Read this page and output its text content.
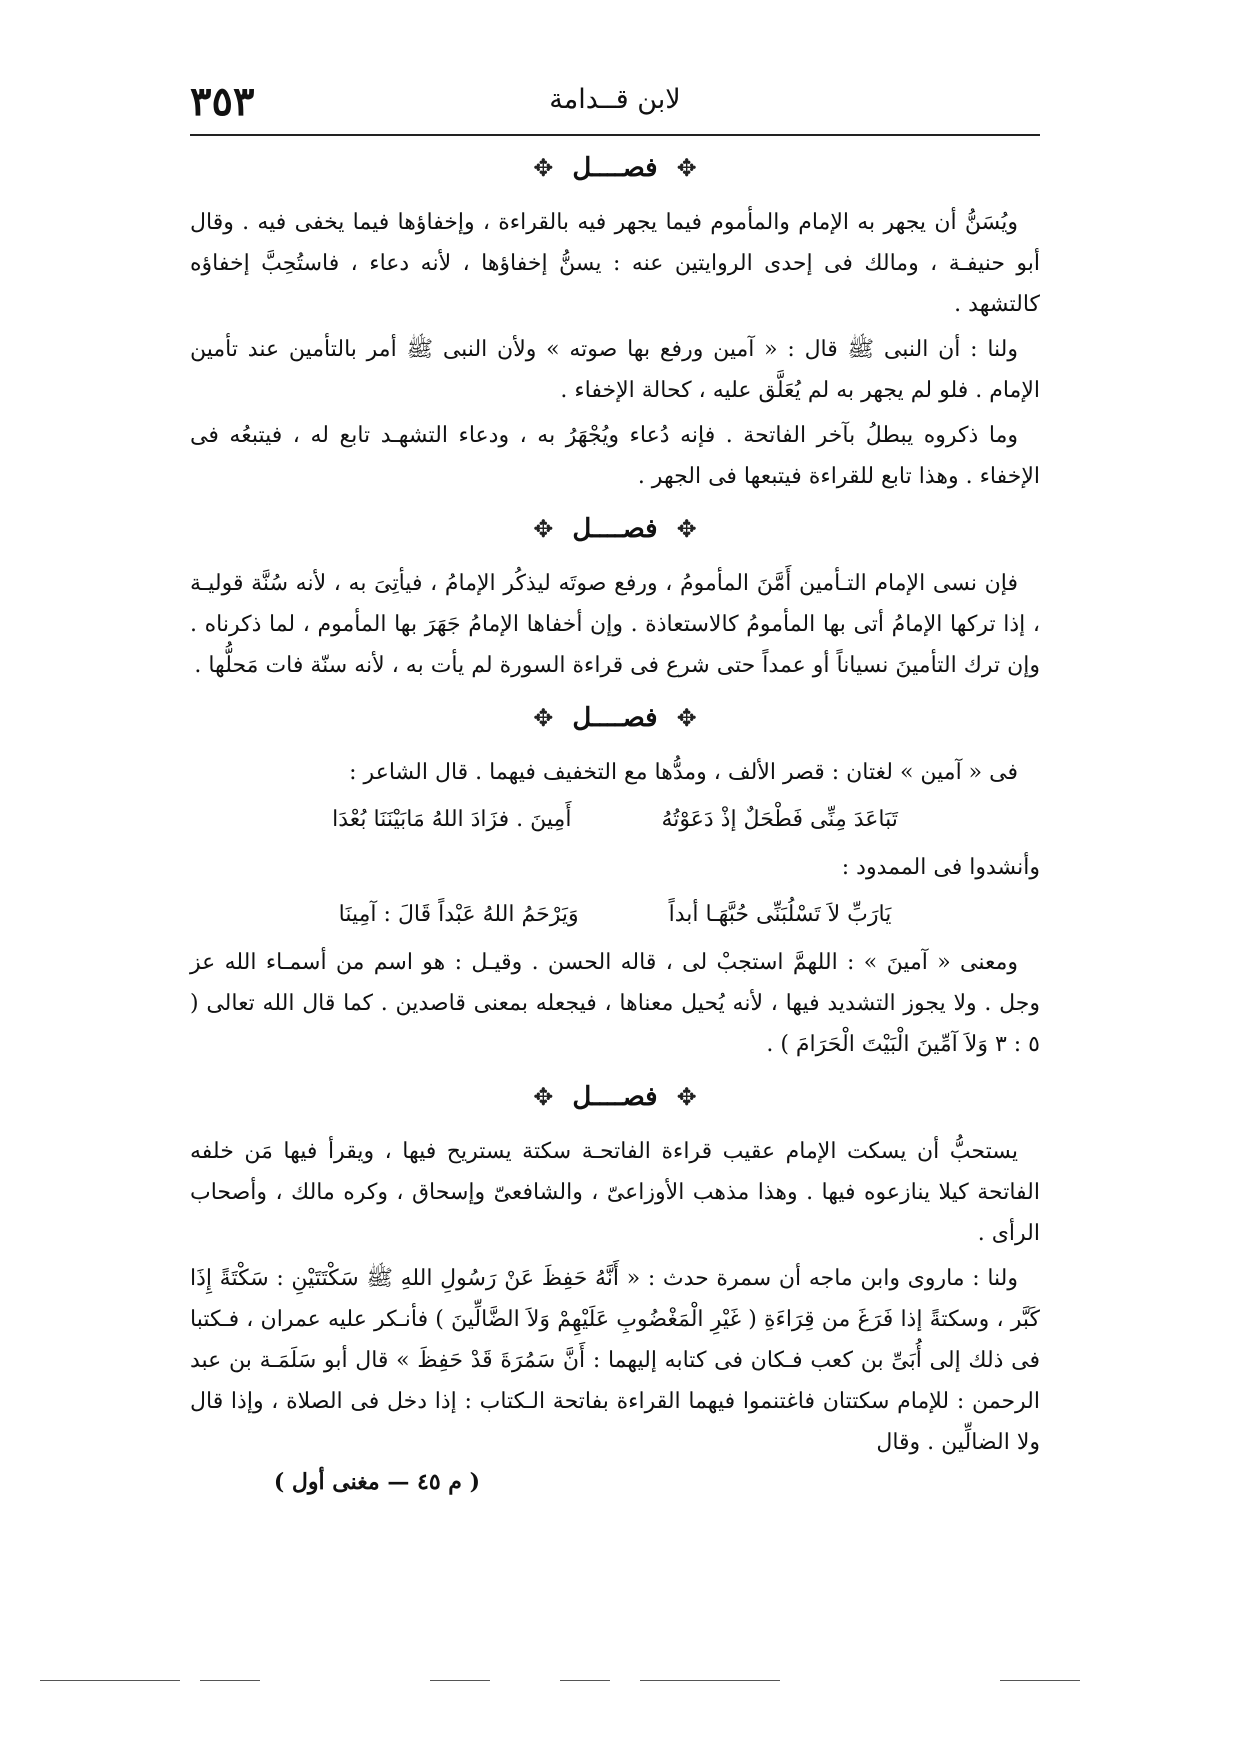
لابن قــدامة
٣٥٣
✥ فصــــل ✥

ويُسَنُّ أن يجهر به الإمام والمأموم فيما يجهر فيه بالقراءة ، وإخفاؤها فيما يخفى فيه . وقال أبو حنيفـة ، ومالك فى إحدى الروايتين عنه : يسنُّ إخفاؤها ، لأنه دعاء ، فاستُحِبَّ إخفاؤه كالتشهد .

ولنا : أن النبى ﷺ قال : « آمين ورفع بها صوته » ولأن النبى ﷺ أمر بالتأمين عند تأمين الإمام . فلو لم يجهر به لم يُعَلَّق عليه ، كحالة الإخفاء .

وما ذكروه يبطلُ بآخر الفاتحة . فإنه دُعاء ويُجْهَرُ به ، ودعاء التشهـد تابع له ، فيتبعُه فى الإخفاء . وهذا تابع للقراءة فيتبعها فى الجهر .

✥ فصــــل ✥

فإن نسى الإمام التـأمين أَمَّنَ المأمومُ ، ورفع صوتَه ليذكُر الإمامُ ، فيأتِىَ به ، لأنه سُنَّة قوليـة ، إذا تركها الإمامُ أتى بها المأمومُ كالاستعاذة . وإن أخفاها الإمامُ جَهَرَ بها المأموم ، لما ذكرناه . وإن ترك التأمينَ نسياناً أو عمداً حتى شرع فى قراءة السورة لم يأت به ، لأنه سنّة فات مَحلُّها .

✥ فصــــل ✥

فى « آمين » لغتان : قصر الألف ، ومدُّها مع التخفيف فيهما . قال الشاعر :

تَبَاعَدَ مِنِّى فَطْحَلٌ إذْ دَعَوْتُهُ
أَمِينَ . فزَادَ اللهُ مَابَيْنَنَا بُعْدَا

وأنشدوا فى الممدود :

يَارَبِّ لاَ تَسْلُبَنِّى حُبَّهَـا أبداً
وَيَرْحَمُ اللهُ عَبْداً قَالَ : آمِينَا

ومعنى « آمينَ » : اللهمَّ استجبْ لى ، قاله الحسن . وقيـل : هو اسم من أسمـاء الله عز وجل . ولا يجوز التشديد فيها ، لأنه يُحيل معناها ، فيجعله بمعنى قاصدين . كما قال الله تعالى ( ٥ : ٣ وَلاَ آمِّينَ الْبَيْتَ الْحَرَامَ ) .

✥ فصــــل ✥

يستحبُّ أن يسكت الإمام عقيب قراءة الفاتحـة سكتة يستريح فيها ، ويقرأ فيها مَن خلفه الفاتحة كيلا ينازعوه فيها . وهذا مذهب الأوزاعىّ ، والشافعىّ وإسحاق ، وكره مالك ، وأصحاب الرأى .

ولنا : ماروى وابن ماجه أن سمرة حدث : « أَنَّهُ حَفِظَ عَنْ رَسُولِ اللهِ ﷺ سَكْتَتَيْنِ : سَكْتَةً إِذَا كَبَّر ، وسكتةً إذا فَرَغَ من قِرَاءَةِ ( غَيْرِ الْمَغْضُوبِ عَلَيْهِمْ وَلاَ الضَّالِّينَ ) فأنـكر عليه عمران ، فـكتبا فى ذلك إلى أُبَىِّ بن كعب فـكان فى كتابه إليهما : أَنَّ سَمُرَةَ قَدْ حَفِظَ » قال أبو سَلَمَـة بن عبد الرحمن : للإمام سكتتان فاغتنموا فيهما القراءة بفاتحة الـكتاب : إذا دخل فى الصلاة ، وإذا قال ولا الضالِّين . وقال

( م ٤٥ — مغنى أول )
